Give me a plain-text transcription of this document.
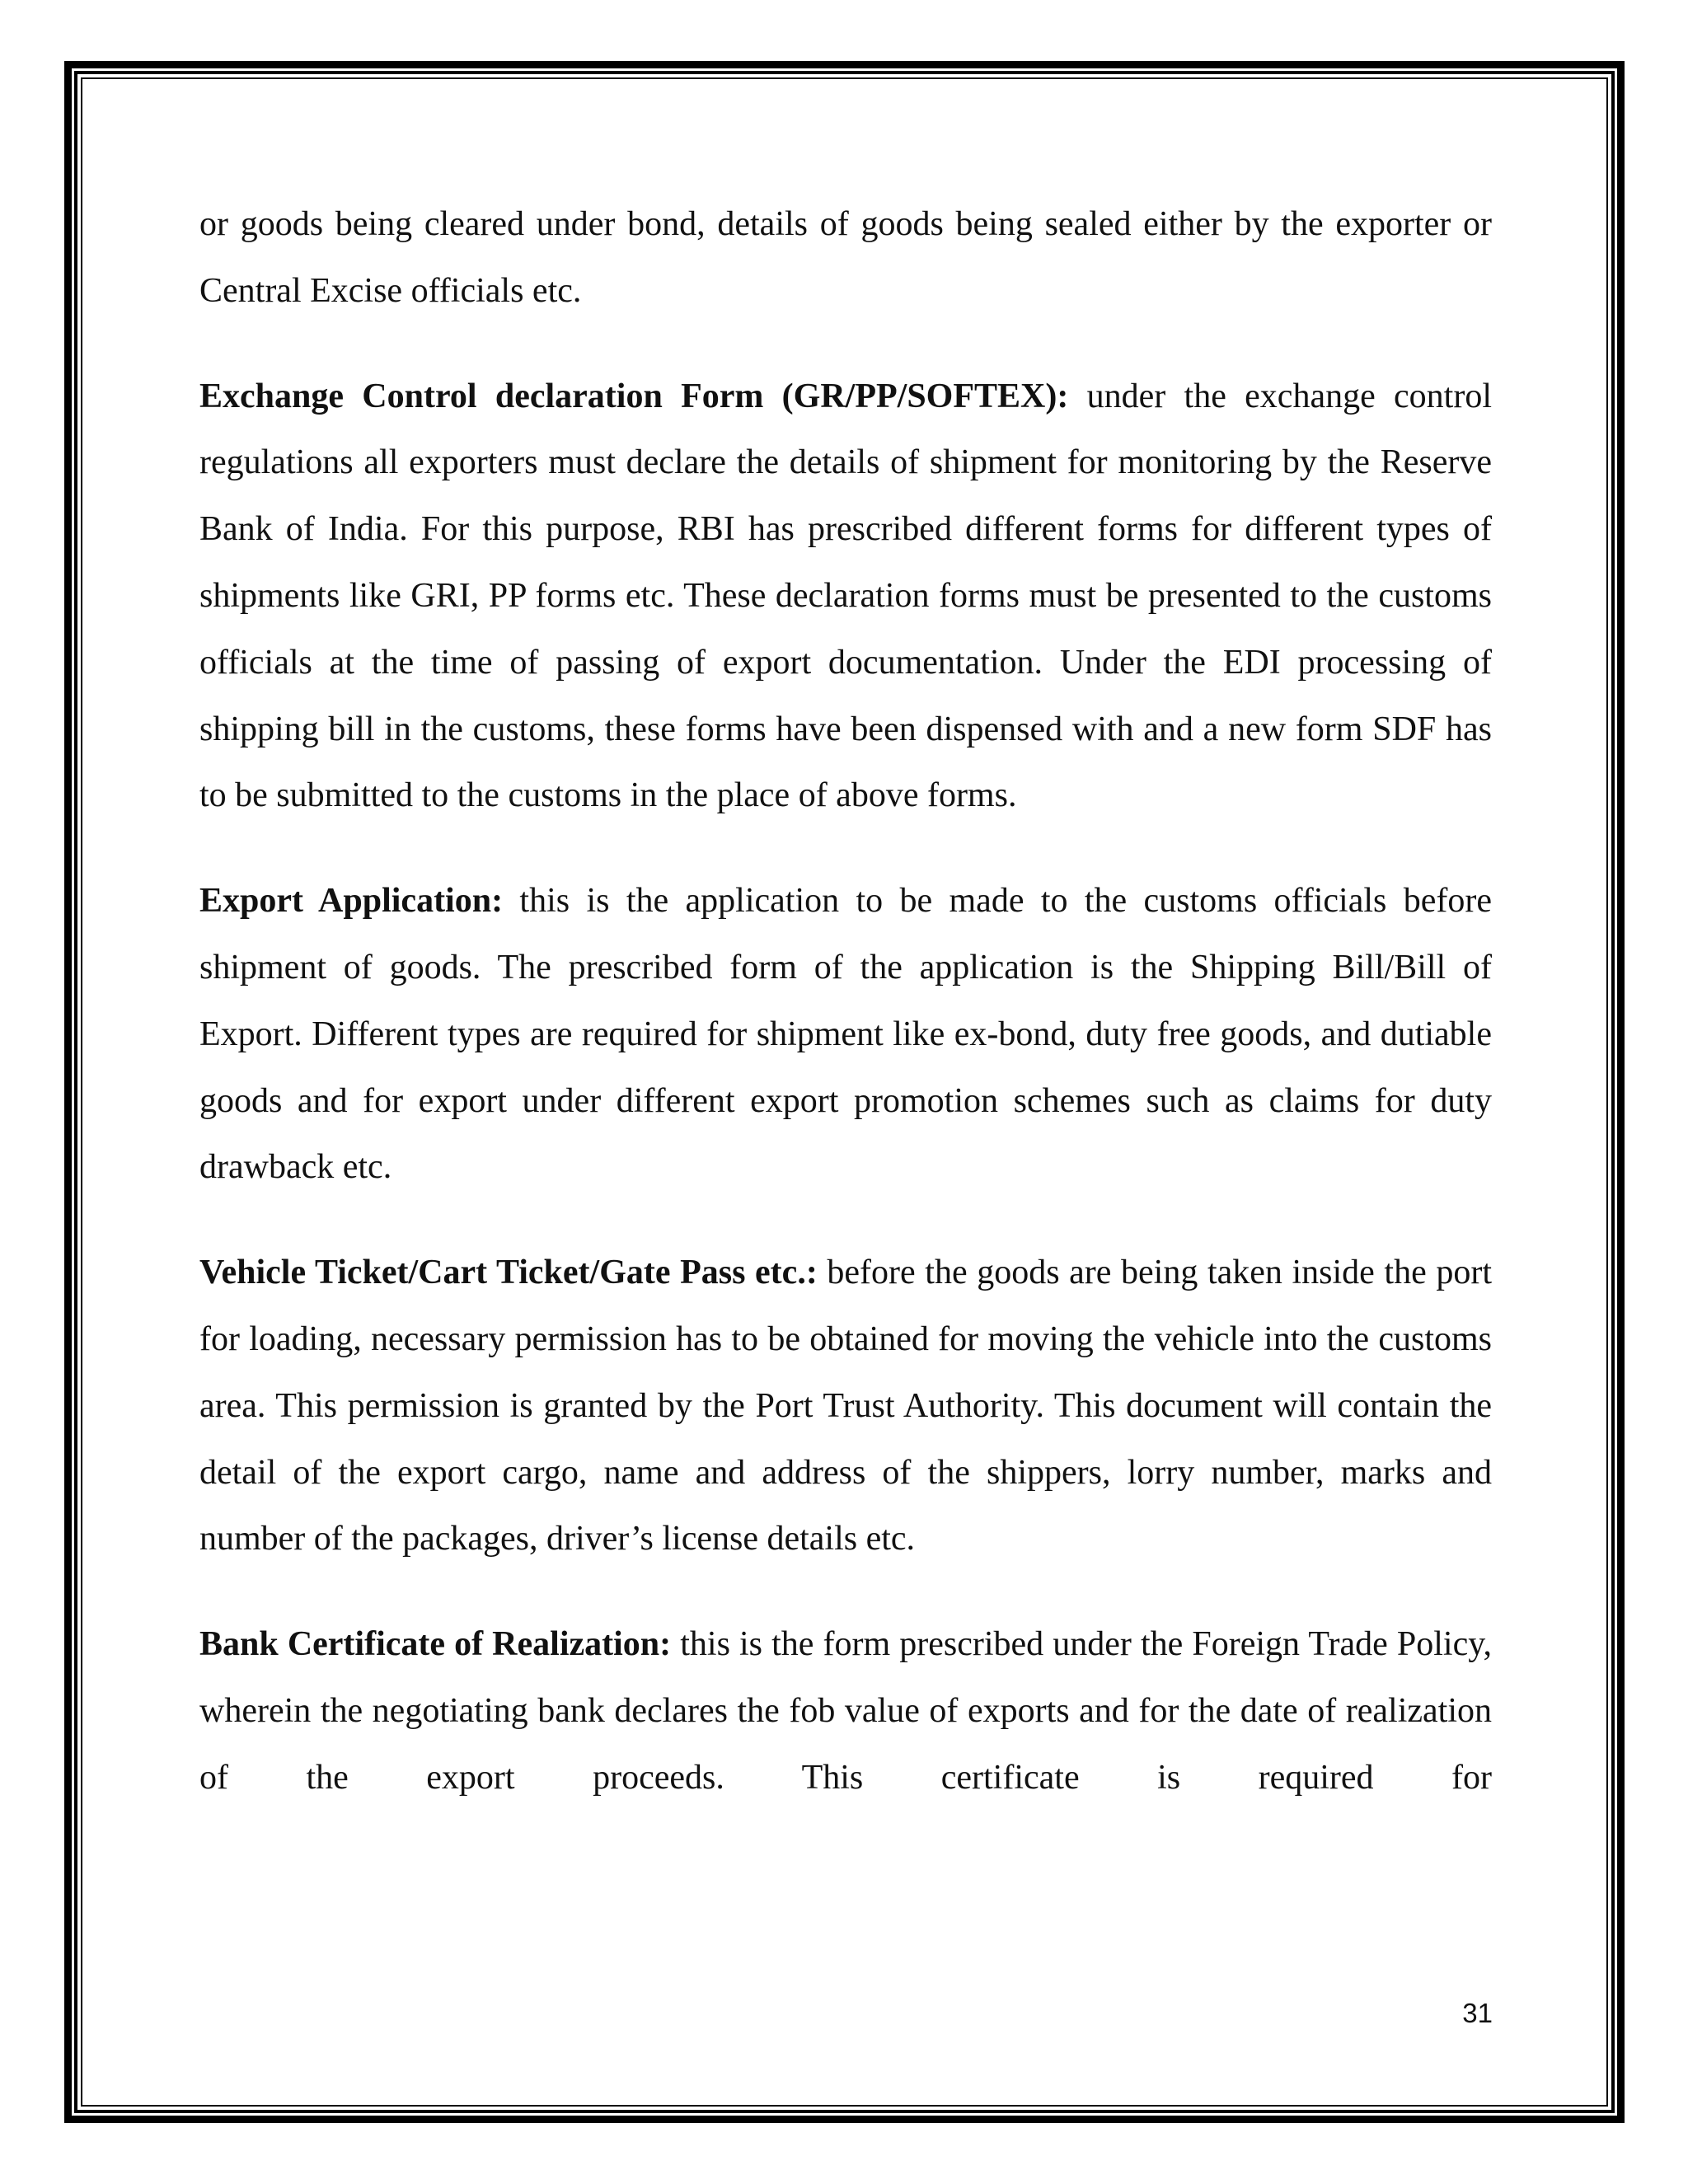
or goods being cleared under bond, details of goods being sealed either by the exporter or Central Excise officials etc.

Exchange Control declaration Form (GR/PP/SOFTEX): under the exchange control regulations all exporters must declare the details of shipment for monitoring by the Reserve Bank of India. For this purpose, RBI has prescribed different forms for different types of shipments like GRI, PP forms etc. These declaration forms must be presented to the customs officials at the time of passing of export documentation. Under the EDI processing of shipping bill in the customs, these forms have been dispensed with and a new form SDF has to be submitted to the customs in the place of above forms.

Export Application: this is the application to be made to the customs officials before shipment of goods. The prescribed form of the application is the Shipping Bill/Bill of Export. Different types are required for shipment like ex-bond, duty free goods, and dutiable goods and for export under different export promotion schemes such as claims for duty drawback etc.

Vehicle Ticket/Cart Ticket/Gate Pass etc.: before the goods are being taken inside the port for loading, necessary permission has to be obtained for moving the vehicle into the customs area. This permission is granted by the Port Trust Authority. This document will contain the detail of the export cargo, name and address of the shippers, lorry number, marks and number of the packages, driver’s license details etc.

Bank Certificate of Realization: this is the form prescribed under the Foreign Trade Policy, wherein the negotiating bank declares the fob value of exports and for the date of realization of the export proceeds. This certificate is required for

31
